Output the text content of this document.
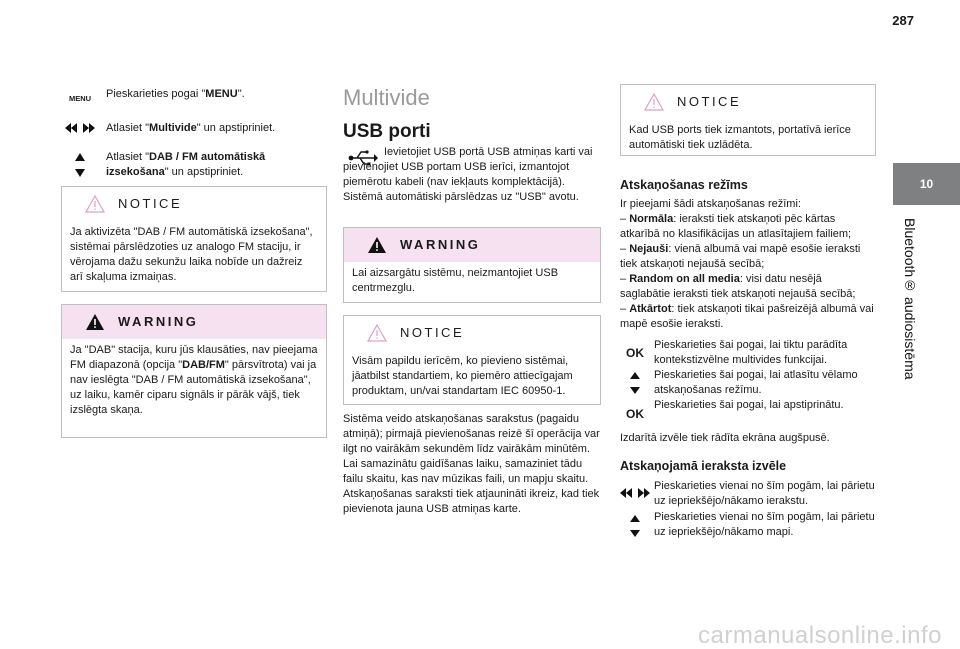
287
10
Bluetooth® audiosistēma
MENU	Pieskarieties pogai "MENU".
Atlasiet "Multivide" un apstipriniet.
Atlasiet "DAB / FM automātiskā izsekošana" un apstipriniet.
NOTICE
Ja aktivizēta "DAB / FM automātiskā izsekošana", sistēmai pārslēdzoties uz analogo FM staciju, ir vērojama dažu sekunžu laika nobīde un dažreiz arī skaļuma izmaiņas.
WARNING
Ja "DAB" stacija, kuru jūs klausāties, nav pieejama FM diapazonā (opcija "DAB/FM" pārsvītrota) vai ja nav ieslēgta "DAB / FM automātiskā izsekošana", uz laiku, kamēr ciparu signāls ir pārāk vājš, tiek izslēgta skaņa.
Multivide
USB porti
Ievietojiet USB portā USB atmiņas karti vai pievienojiet USB portam USB ierīci, izmantojot piemērotu kabeli (nav iekļauts komplektācijā).
Sistēmā automātiski pārslēdzas uz "USB" avotu.
WARNING
Lai aizsargātu sistēmu, neizmantojiet USB centrmezglu.
NOTICE
Visām papildu ierīcēm, ko pievieno sistēmai, jāatbilst standartiem, ko piemēro attiecīgajam produktam, un/vai standartam IEC 60950-1.
Sistēma veido atskaņošanas sarakstus (pagaidu atmiņā); pirmajā pievienošanas reizē šī operācija var ilgt no vairākām sekundēm līdz vairākām minūtēm.
Lai samazinātu gaidīšanas laiku, samaziniet tādu failu skaitu, kas nav mūzikas faili, un mapju skaitu. Atskaņošanas saraksti tiek atjaunināti ikreiz, kad tiek pievienota jauna USB atmiņas karte.
NOTICE
Kad USB ports tiek izmantots, portatīvā ierīce automātiski tiek uzlādēta.
Atskaņošanas režīms
Ir pieejami šādi atskaņošanas režīmi:
– Normāla: ieraksti tiek atskaņoti pēc kārtas atkarībā no klasifikācijas un atlasītajiem failiem;
– Nejauši: vienā albumā vai mapē esošie ieraksti tiek atskaņoti nejaušā secībā;
– Random on all media: visi datu nesējā saglabātie ieraksti tiek atskaņoti nejaušā secībā;
– Atkārtot: tiek atskaņoti tikai pašreizējā albumā vai mapē esošie ieraksti.
OK
Pieskarieties šai pogai, lai tiktu parādīta kontekstizvēlne multivides funkcijai.
Pieskarieties šai pogai, lai atlasītu vēlamo atskaņošanas režīmu.
OK
Pieskarieties šai pogai, lai apstiprinātu.
Izdarītā izvēle tiek rādīta ekrāna augšpusē.
Atskaņojamā ieraksta izvēle
Pieskarieties vienai no šīm pogām, lai pārietu uz iepriekšējo/nākamo ierakstu.
Pieskarieties vienai no šīm pogām, lai pārietu uz iepriekšējo/nākamo mapi.
carmanualsonline.info
